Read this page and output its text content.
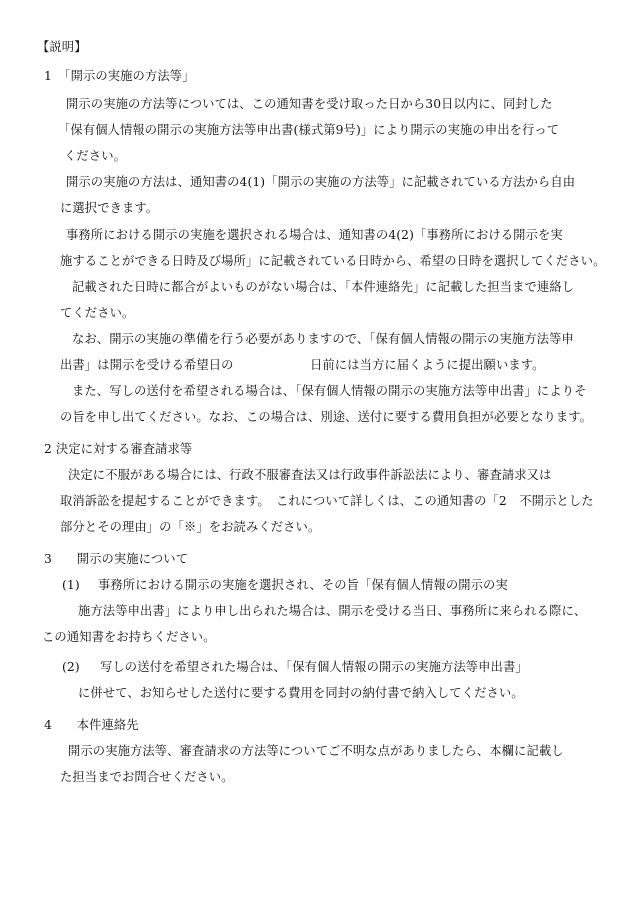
【説明】
1　「開示の実施の方法等」
開示の実施の方法等については、この通知書を受け取った日から30日以内に、同封した
「保有個人情報の開示の実施方法等申出書(様式第9号)」により開示の実施の申出を行って
ください。
開示の実施の方法は、通知書の4(1)「開示の実施の方法等」に記載されている方法から自由
に選択できます。
事務所における開示の実施を選択される場合は、通知書の4(2)「事務所における開示を実
施することができる日時及び場所」に記載されている日時から、希望の日時を選択してください。
記載された日時に都合がよいものがない場合は、「本件連絡先」に記載した担当まで連絡し
てください。
なお、開示の実施の準備を行う必要がありますので、「保有個人情報の開示の実施方法等申
出書」は開示を受ける希望日の	日前には当方に届くように提出願います。
また、写しの送付を希望される場合は、「保有個人情報の開示の実施方法等申出書」によりそ
の旨を申し出てください。なお、この場合は、別途、送付に要する費用負担が必要となります。
2 決定に対する審査請求等
決定に不服がある場合には、行政不服審査法又は行政事件訴訟法により、審査請求又は
取消訴訟を提起することができます。　これについて詳しくは、この通知書の「2　不開示とした
部分とその理由」の「※」をお読みください。
3　　開示の実施について
(1) 事務所における開示の実施を選択され、その旨「保有個人情報の開示の実
施方法等申出書」により申し出られた場合は、開示を受ける当日、事務所に来られる際に、
この通知書をお持ちください。
(2) 写しの送付を希望された場合は、「保有個人情報の開示の実施方法等申出書」
に併せて、お知らせした送付に要する費用を同封の納付書で納入してください。
4　　本件連絡先
開示の実施方法等、審査請求の方法等についてご不明な点がありましたら、本欄に記載し
た担当までお問合せください。
